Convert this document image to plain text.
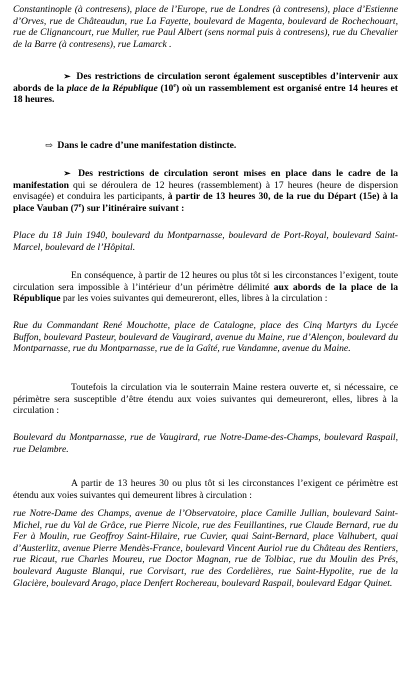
Constantinople (à contresens), place de l’Europe, rue de Londres (à contresens), place d’Estienne d’Orves, rue de Châteaudun, rue La Fayette, boulevard de Magenta, boulevard de Rochechouart, rue de Clignancourt, rue Muller, rue Paul Albert (sens normal puis à contresens), rue du Chevalier de la Barre (à contresens), rue Lamarck .

➢ Des restrictions de circulation seront également susceptibles d’intervenir aux abords de la place de la République (10e) où un rassemblement est organisé entre 14 heures et 18 heures.

⇨ Dans le cadre d’une manifestation distincte.

➢ Des restrictions de circulation seront mises en place dans le cadre de la manifestation qui se déroulera de 12 heures (rassemblement) à 17 heures (heure de dispersion envisagée) et conduira les participants, à partir de 13 heures 30, de la rue du Départ (15e) à la place Vauban (7e) sur l’itinéraire suivant :

Place du 18 Juin 1940, boulevard du Montparnasse, boulevard de Port-Royal, boulevard Saint-Marcel, boulevard de l’Hôpital.

En conséquence, à partir de 12 heures ou plus tôt si les circonstances l’exigent, toute circulation sera impossible à l’intérieur d’un périmètre délimité aux abords de la place de la République par les voies suivantes qui demeureront, elles, libres à la circulation :

Rue du Commandant René Mouchotte, place de Catalogne, place des Cinq Martyrs du Lycée Buffon, boulevard Pasteur, boulevard de Vaugirard, avenue du Maine, rue d’Alençon, boulevard du Montparnasse, rue du Montparnasse, rue de la Gaîté, rue Vandamne, avenue du Maine.

Toutefois la circulation via le souterrain Maine restera ouverte et, si nécessaire, ce périmètre sera susceptible d’être étendu aux voies suivantes qui demeureront, elles, libres à la circulation :

Boulevard du Montparnasse, rue de Vaugirard, rue Notre-Dame-des-Champs, boulevard Raspail, rue Delambre.

A partir de 13 heures 30 ou plus tôt si les circonstances l’exigent ce périmètre est étendu aux voies suivantes qui demeurent libres à circulation :

rue Notre-Dame des Champs, avenue de l’Observatoire, place Camille Jullian, boulevard Saint-Michel, rue du Val de Grâce, rue Pierre Nicole, rue des Feuillantines, rue Claude Bernard, rue du Fer à Moulin, rue Geoffroy Saint-Hilaire, rue Cuvier, quai Saint-Bernard, place Valhubert, quai d’Austerlitz, avenue Pierre Mendès-France, boulevard Vincent Auriol rue du Château des Rentiers, rue Ricaut, rue Charles Moureu, rue Doctor Magnan, rue de Tolbiac, rue du Moulin des Prés, boulevard Auguste Blanqui, rue Corvisart, rue des Cordelières, rue Saint-Hypolite, rue de la Glacière, boulevard Arago, place Denfert Rochereau, boulevard Raspail, boulevard Edgar Quinet.
